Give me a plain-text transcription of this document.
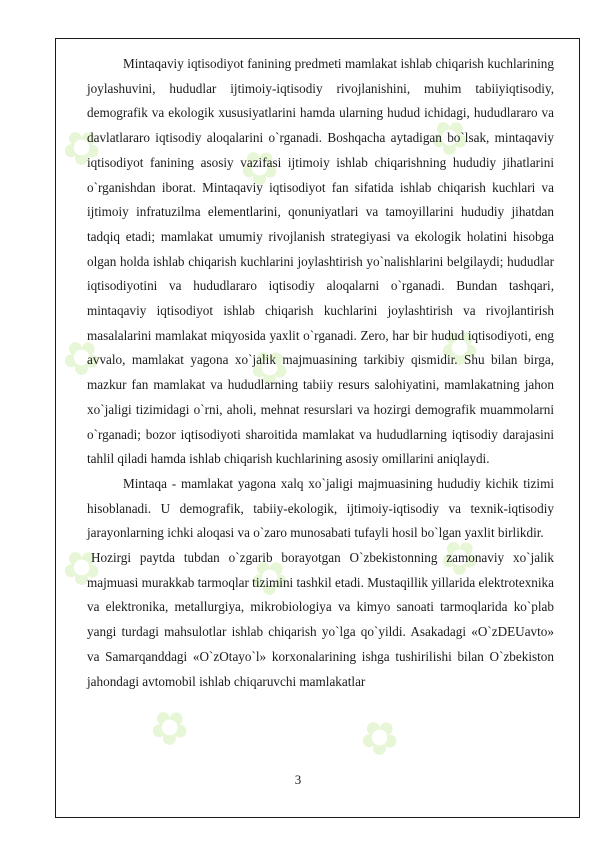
✿	✿	✿
✿	✿	✿
✿	✿	✿
✿	✿

Mintaqaviy iqtisodiyot fanining predmeti mamlakat ishlab chiqarish kuchlarining joylashuvini, hududlar ijtimoiy-iqtisodiy rivojlanishini, muhim tabiiyiqtisodiy, demografik va ekologik xususiyatlarini hamda ularning hudud ichidagi, hududlararo va davlatlararo iqtisodiy aloqalarini o`rganadi. Boshqacha aytadigan bo`lsak, mintaqaviy iqtisodiyot fanining asosiy vazifasi ijtimoiy ishlab chiqarishning hududiy jihatlarini o`rganishdan iborat. Mintaqaviy iqtisodiyot fan sifatida ishlab chiqarish kuchlari va ijtimoiy infratuzilma elementlarini, qonuniyatlari va tamoyillarini hududiy jihatdan tadqiq etadi; mamlakat umumiy rivojlanish strategiyasi va ekologik holatini hisobga olgan holda ishlab chiqarish kuchlarini joylashtirish yo`nalishlarini belgilaydi; hududlar iqtisodiyotini va hududlararo iqtisodiy aloqalarni o`rganadi. Bundan tashqari, mintaqaviy iqtisodiyot ishlab chiqarish kuchlarini joylashtirish va rivojlantirish masalalarini mamlakat miqyosida yaxlit o`rganadi. Zero, har bir hudud iqtisodiyoti, eng avvalo, mamlakat yagona xo`jalik majmuasining tarkibiy qismidir. Shu bilan birga, mazkur fan mamlakat va hududlarning tabiiy resurs salohiyatini, mamlakatning jahon xo`jaligi tizimidagi o`rni, aholi, mehnat resurslari va hozirgi demografik muammolarni o`rganadi; bozor iqtisodiyoti sharoitida mamlakat va hududlarning iqtisodiy darajasini tahlil qiladi hamda ishlab chiqarish kuchlarining asosiy omillarini aniqlaydi.

Mintaqa - mamlakat yagona xalq xo`jaligi majmuasining hududiy kichik tizimi hisoblanadi. U demografik, tabiiy-ekologik, ijtimoiy-iqtisodiy va texnik-iqtisodiy jarayonlarning ichki aloqasi va o`zaro munosabati tufayli hosil bo`lgan yaxlit birlikdir.

Hozirgi paytda tubdan o`zgarib borayotgan O`zbekistonning zamonaviy xo`jalik majmuasi murakkab tarmoqlar tizimini tashkil etadi. Mustaqillik yillarida elektrotexnika va elektronika, metallurgiya, mikrobiologiya va kimyo sanoati tarmoqlarida ko`plab yangi turdagi mahsulotlar ishlab chiqarish yo`lga qo`yildi. Asakadagi «O`zDEUavto» va Samarqanddagi «O`zOtayo`l» korxonalarining ishga tushirilishi bilan O`zbekiston jahondagi avtomobil ishlab chiqaruvchi mamlakatlar

3
